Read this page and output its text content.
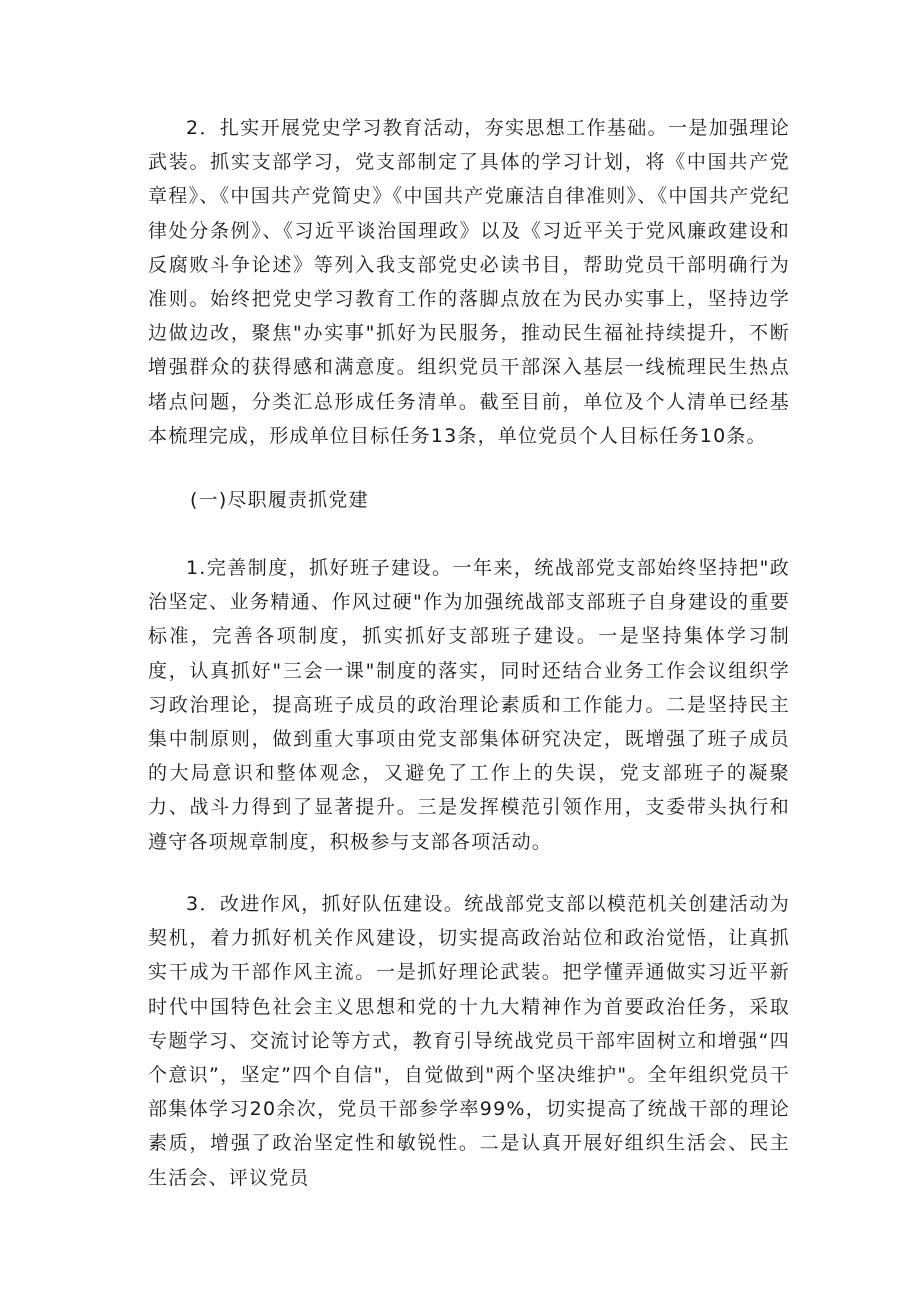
2．扎实开展党史学习教育活动，夯实思想工作基础。一是加强理论武装。抓实支部学习，党支部制定了具体的学习计划，将《中国共产党章程》、《中国共产党简史》《中国共产党廉洁自律准则》、《中国共产党纪律处分条例》、《习近平谈治国理政》以及《习近平关于党风廉政建设和反腐败斗争论述》等列入我支部党史必读书目，帮助党员干部明确行为准则。始终把党史学习教育工作的落脚点放在为民办实事上，坚持边学边做边改，聚焦"办实事"抓好为民服务，推动民生福祉持续提升，不断增强群众的获得感和满意度。组织党员干部深入基层一线梳理民生热点堵点问题，分类汇总形成任务清单。截至目前，单位及个人清单已经基本梳理完成，形成单位目标任务13条，单位党员个人目标任务10条。

(一)尽职履责抓党建

1.完善制度，抓好班子建设。一年来，统战部党支部始终坚持把"政治坚定、业务精通、作风过硬"作为加强统战部支部班子自身建设的重要标准，完善各项制度，抓实抓好支部班子建设。一是坚持集体学习制度，认真抓好"三会一课"制度的落实，同时还结合业务工作会议组织学习政治理论，提高班子成员的政治理论素质和工作能力。二是坚持民主集中制原则，做到重大事项由党支部集体研究决定，既增强了班子成员的大局意识和整体观念，又避免了工作上的失误，党支部班子的凝聚力、战斗力得到了显著提升。三是发挥模范引领作用，支委带头执行和遵守各项规章制度，积极参与支部各项活动。

3．改进作风，抓好队伍建设。统战部党支部以模范机关创建活动为契机，着力抓好机关作风建设，切实提高政治站位和政治觉悟，让真抓实干成为干部作风主流。一是抓好理论武装。把学懂弄通做实习近平新时代中国特色社会主义思想和党的十九大精神作为首要政治任务，采取专题学习、交流讨论等方式，教育引导统战党员干部牢固树立和增强“四个意识”，坚定”四个自信"，自觉做到"两个坚决维护"。全年组织党员干部集体学习20余次，党员干部参学率99%，切实提高了统战干部的理论素质，增强了政治坚定性和敏锐性。二是认真开展好组织生活会、民主生活会、评议党员
